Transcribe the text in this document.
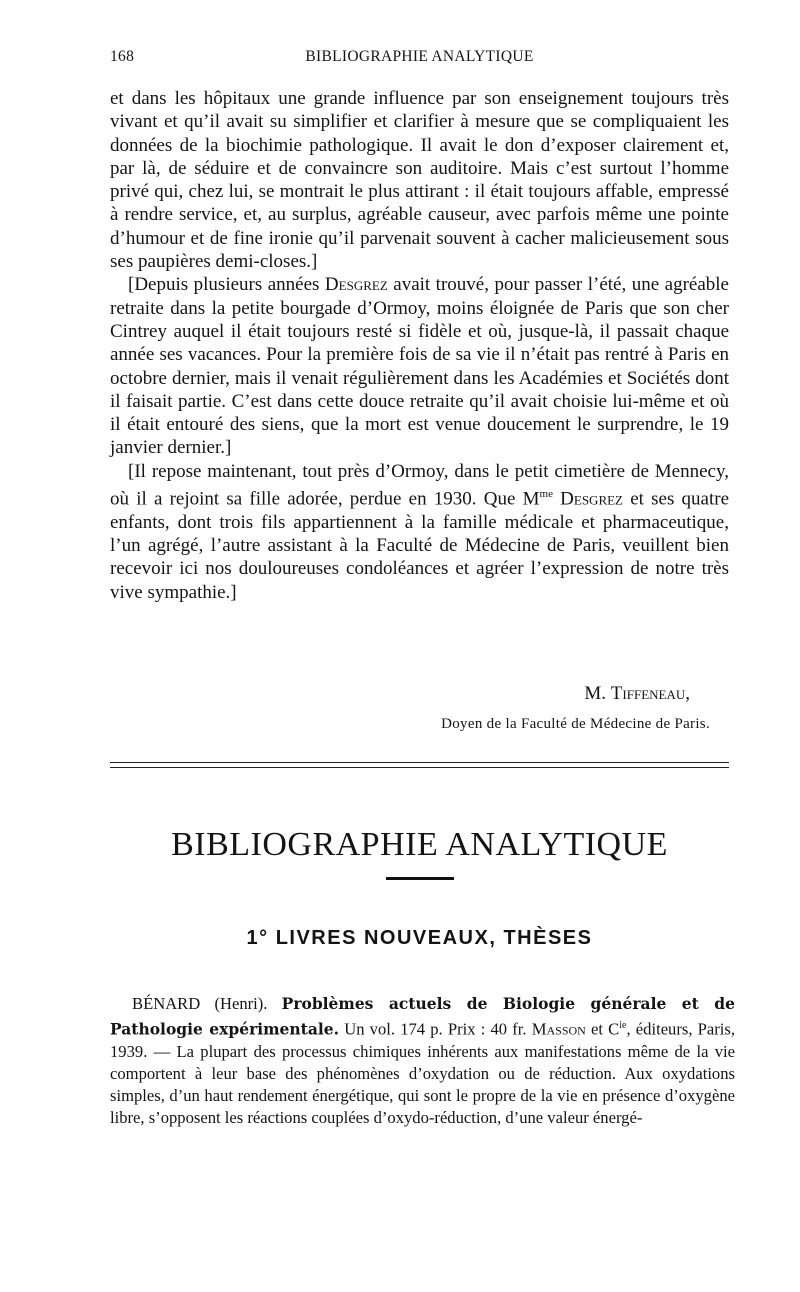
168	BIBLIOGRAPHIE ANALYTIQUE

et dans les hôpitaux une grande influence par son enseignement toujours très vivant et qu’il avait su simplifier et clarifier à mesure que se compliquaient les données de la biochimie pathologique. Il avait le don d’exposer clairement et, par là, de séduire et de convaincre son auditoire. Mais c’est surtout l’homme privé qui, chez lui, se montrait le plus attirant : il était toujours affable, empressé à rendre service, et, au surplus, agréable causeur, avec parfois même une pointe d’humour et de fine ironie qu’il parvenait souvent à cacher malicieusement sous ses paupières demi-closes.]

[Depuis plusieurs années Desgrez avait trouvé, pour passer l’été, une agréable retraite dans la petite bourgade d’Ormoy, moins éloignée de Paris que son cher Cintrey auquel il était toujours resté si fidèle et où, jusque-là, il passait chaque année ses vacances. Pour la première fois de sa vie il n’était pas rentré à Paris en octobre dernier, mais il venait régulièrement dans les Académies et Sociétés dont il faisait partie. C’est dans cette douce retraite qu’il avait choisie lui-même et où il était entouré des siens, que la mort est venue doucement le surprendre, le 19 janvier dernier.]

[Il repose maintenant, tout près d’Ormoy, dans le petit cimetière de Mennecy, où il a rejoint sa fille adorée, perdue en 1930. Que $M^{me}$ Desgrez et ses quatre enfants, dont trois fils appartiennent à la famille médicale et pharmaceutique, l’un agrégé, l’autre assistant à la Faculté de Médecine de Paris, veuillent bien recevoir ici nos douloureuses condoléances et agréer l’expression de notre très vive sympathie.]

M. Tiffeneau,
Doyen de la Faculté de Médecine de Paris.
BIBLIOGRAPHIE ANALYTIQUE
1° LIVRES NOUVEAUX, THÈSES

BÉNARD (Henri). Problèmes actuels de Biologie générale et de Pathologie expérimentale. Un vol. 174 p. Prix : 40 fr. Masson et $C^{ie}$, éditeurs, Paris, 1939. — La plupart des processus chimiques inhérents aux manifestations même de la vie comportent à leur base des phénomènes d’oxydation ou de réduction. Aux oxydations simples, d’un haut rendement énergétique, qui sont le propre de la vie en présence d’oxygène libre, s’opposent les réactions couplées d’oxydo-réduction, d’une valeur énergé-
